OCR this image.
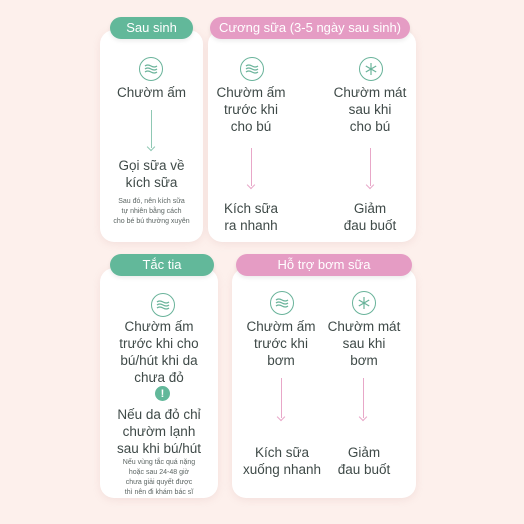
Sau sinh	Cương sữa (3-5 ngày sau sinh)
Tắc tia	Hỗ trợ bơm sữa
Chườm ấm
Gọi sữa về
kích sữa
Sau đó, nên kích sữa
tự nhiên bằng cách
cho bé bú thường xuyên
Chườm ấm
trước khi
cho bú
Kích sữa
ra nhanh
Chườm mát
sau khi
cho bú
Giảm
đau buốt
Chườm ấm
trước khi cho
bú/hút khi da
chưa đỏ
!
Nếu da đỏ chỉ
chườm lạnh
sau khi bú/hút
Nếu vùng tắc quá nặng
hoặc sau 24-48 giờ
chưa giải quyết được
thì nên đi khám bác sĩ
Chườm ấm
trước khi
bơm
Kích sữa
xuống nhanh
Chườm mát
sau khi
bơm
Giảm
đau buốt
